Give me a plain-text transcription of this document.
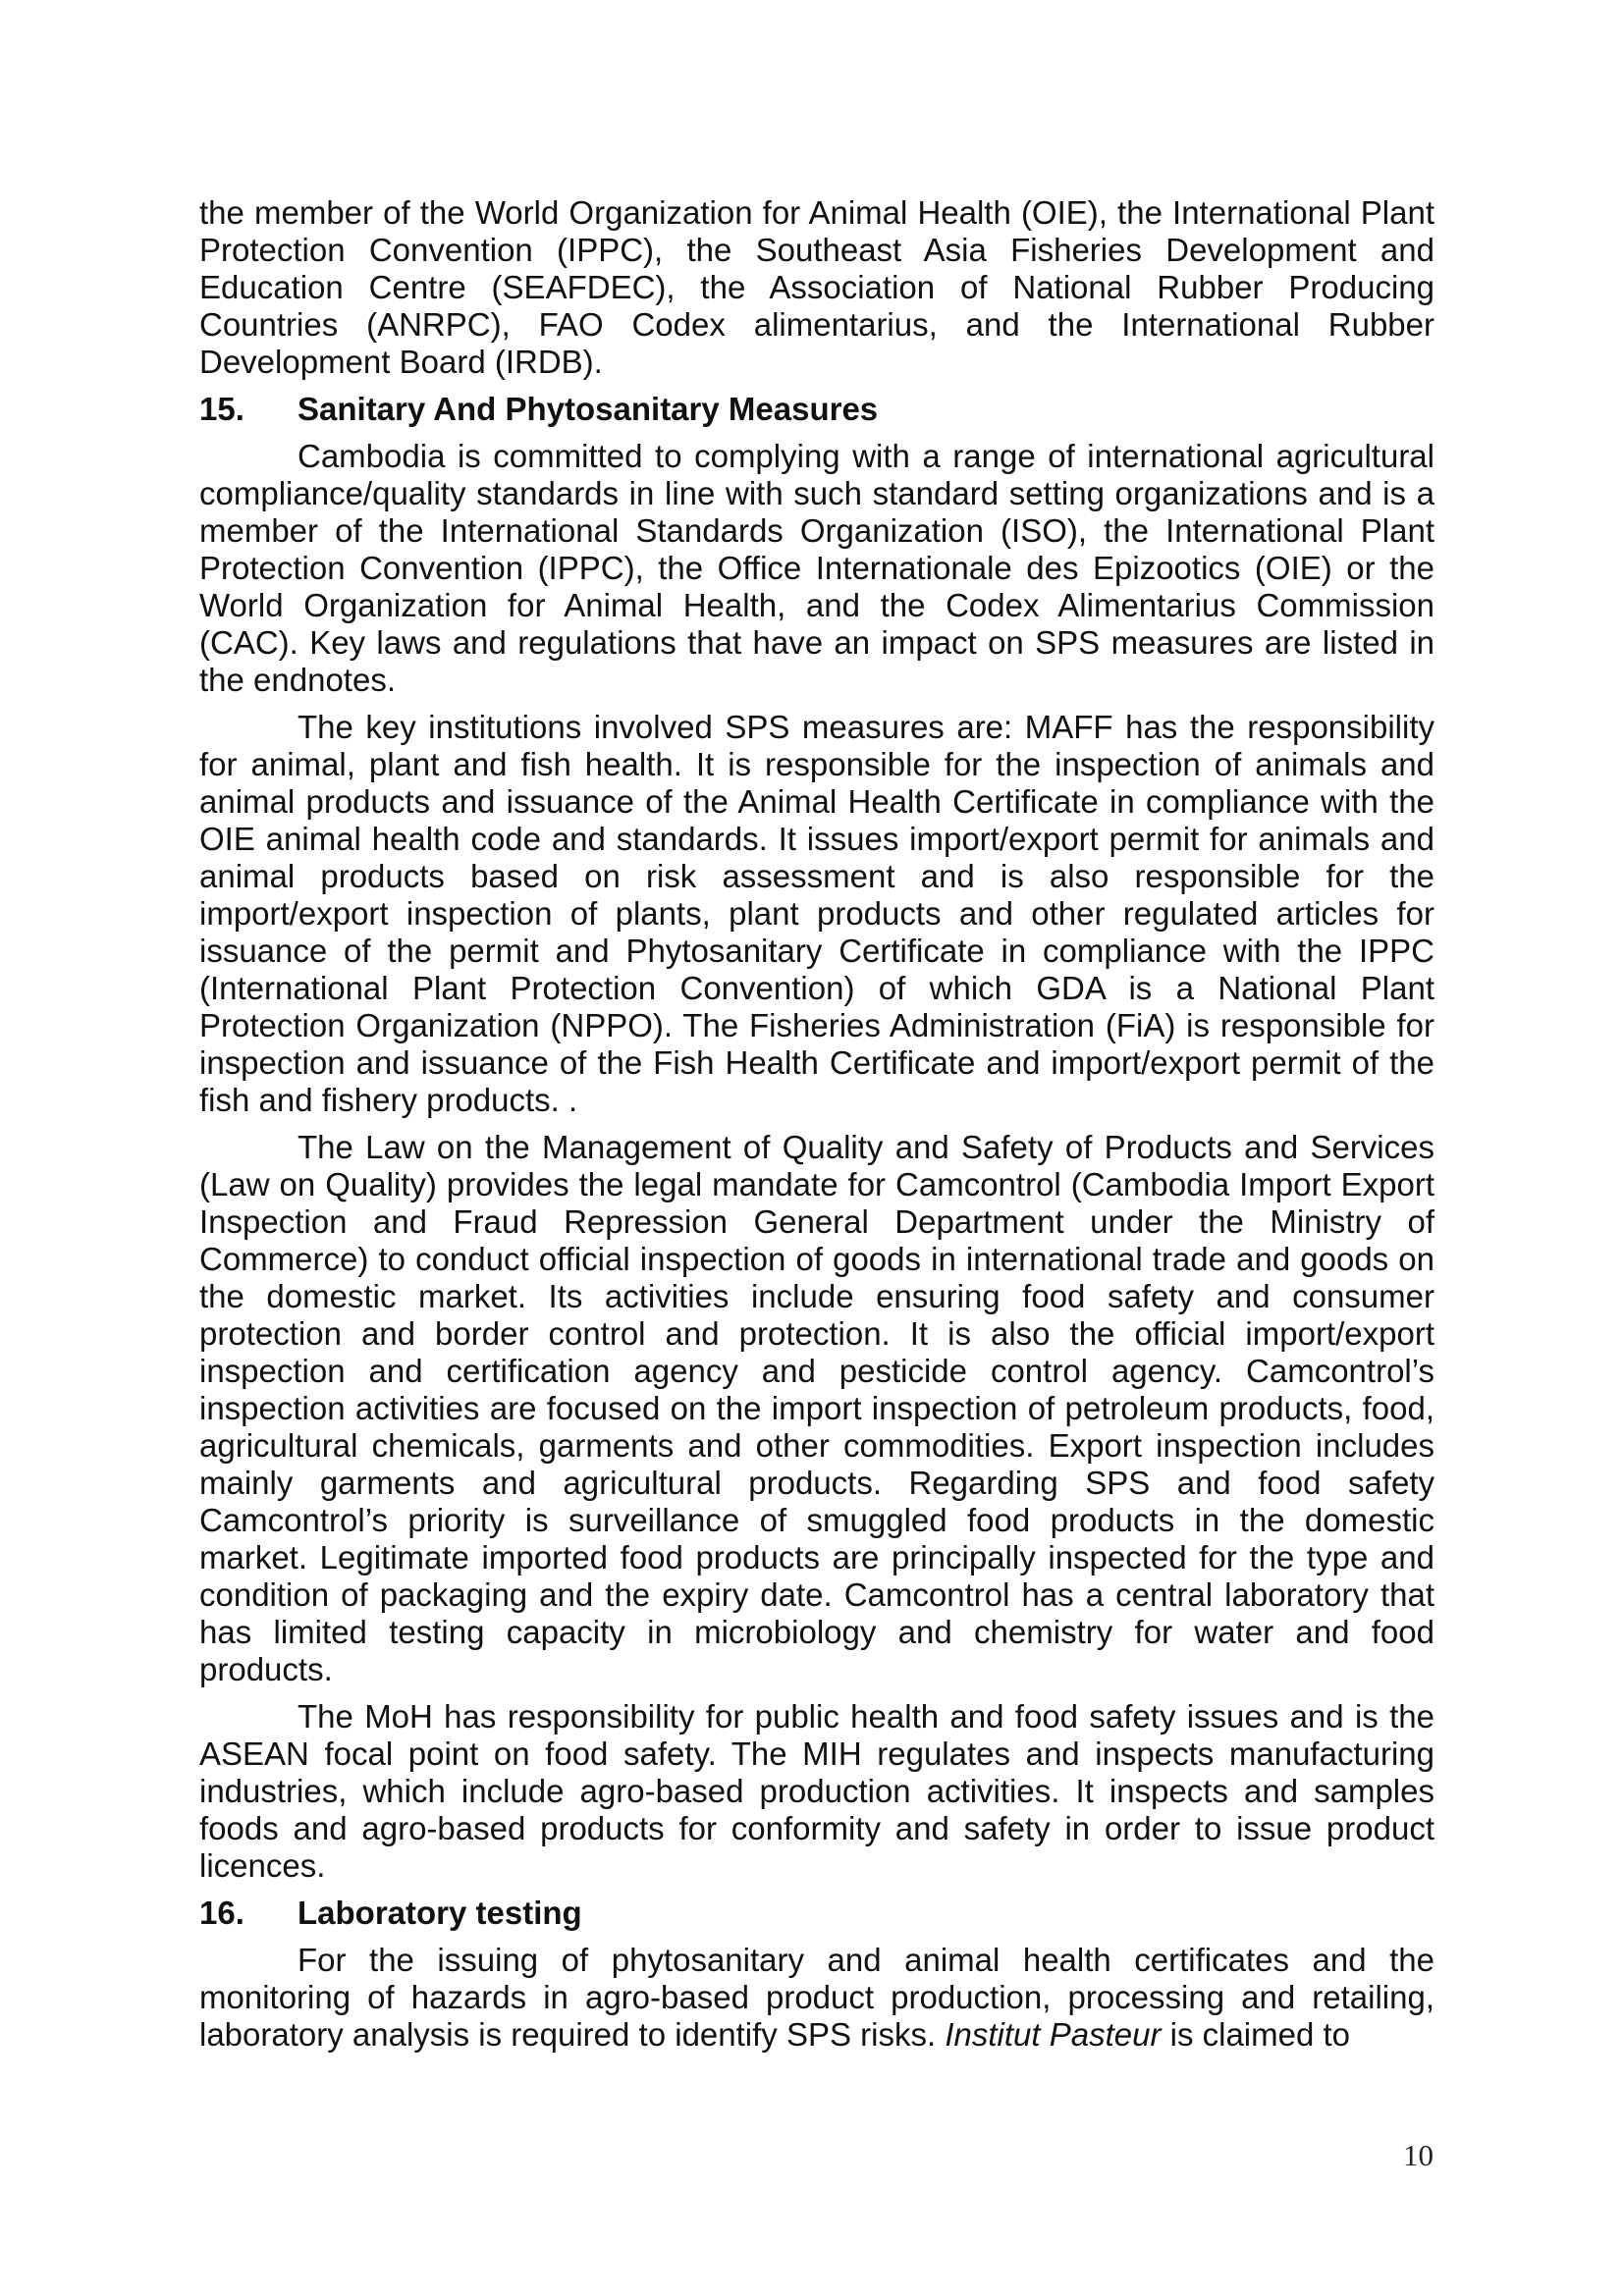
the member of the World Organization for Animal Health (OIE), the International Plant Protection Convention (IPPC), the Southeast Asia Fisheries Development and Education Centre (SEAFDEC), the Association of National Rubber Producing Countries (ANRPC), FAO Codex alimentarius, and the International Rubber Development Board (IRDB).

15.	Sanitary And Phytosanitary Measures

Cambodia is committed to complying with a range of international agricultural compliance/quality standards in line with such standard setting organizations and is a member of the International Standards Organization (ISO), the International Plant Protection Convention (IPPC), the Office Internationale des Epizootics (OIE) or the World Organization for Animal Health, and the Codex Alimentarius Commission (CAC). Key laws and regulations that have an impact on SPS measures are listed in the endnotes.

The key institutions involved SPS measures are: MAFF has the responsibility for animal, plant and fish health. It is responsible for the inspection of animals and animal products and issuance of the Animal Health Certificate in compliance with the OIE animal health code and standards. It issues import/export permit for animals and animal products based on risk assessment and is also responsible for the import/export inspection of plants, plant products and other regulated articles for issuance of the permit and Phytosanitary Certificate in compliance with the IPPC (International Plant Protection Convention) of which GDA is a National Plant Protection Organization (NPPO). The Fisheries Administration (FiA) is responsible for inspection and issuance of the Fish Health Certificate and import/export permit of the fish and fishery products. .

The Law on the Management of Quality and Safety of Products and Services (Law on Quality) provides the legal mandate for Camcontrol (Cambodia Import Export Inspection and Fraud Repression General Department under the Ministry of Commerce) to conduct official inspection of goods in international trade and goods on the domestic market. Its activities include ensuring food safety and consumer protection and border control and protection. It is also the official import/export inspection and certification agency and pesticide control agency. Camcontrol’s inspection activities are focused on the import inspection of petroleum products, food, agricultural chemicals, garments and other commodities. Export inspection includes mainly garments and agricultural products. Regarding SPS and food safety Camcontrol’s priority is surveillance of smuggled food products in the domestic market. Legitimate imported food products are principally inspected for the type and condition of packaging and the expiry date. Camcontrol has a central laboratory that has limited testing capacity in microbiology and chemistry for water and food products.

The MoH has responsibility for public health and food safety issues and is the ASEAN focal point on food safety. The MIH regulates and inspects manufacturing industries, which include agro-based production activities. It inspects and samples foods and agro-based products for conformity and safety in order to issue product licences.

16.	Laboratory testing

For the issuing of phytosanitary and animal health certificates and the monitoring of hazards in agro-based product production, processing and retailing, laboratory analysis is required to identify SPS risks. Institut Pasteur is claimed to

10
